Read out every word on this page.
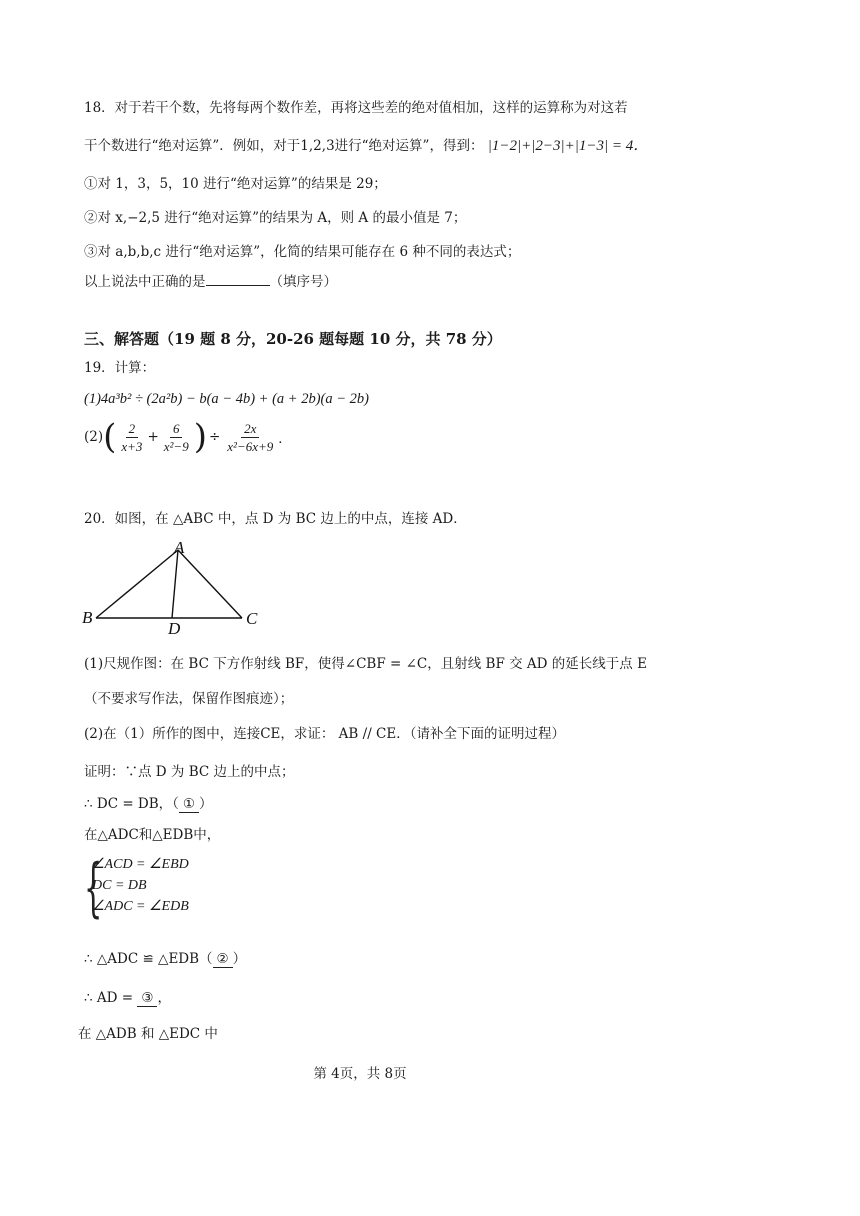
18．对于若干个数，先将每两个数作差，再将这些差的绝对值相加，这样的运算称为对这若
干个数进行“绝对运算”．例如，对于1,2,3进行“绝对运算”，得到： |1−2|+|2−3|+|1−3| = 4．
①对 1，3，5，10 进行“绝对运算”的结果是 29；
②对 x,−2,5 进行“绝对运算”的结果为 A，则 A 的最小值是 7；
③对 a,b,b,c 进行“绝对运算”，化简的结果可能存在 6 种不同的表达式；
以上说法中正确的是	（填序号）
三、解答题（19 题 8 分，20-26 题每题 10 分，共 78 分）
19．计算：
(1)4a³b² ÷ (2a²b) − b(a − 4b) + (a + 2b)(a − 2b)
(2) ( $\frac{2}{x+3} + \frac{6}{\text{x²−9}}$ ) ÷ $\frac{2x}{\text{x²−6x+9}}$ ．
20．如图，在 △ABC 中，点 D 为 BC 边上的中点，连接 AD．
A
B	C
D
(1)尺规作图：在 BC 下方作射线 BF，使得∠CBF = ∠C，且射线 BF 交 AD 的延长线于点 E
（不要求写作法，保留作图痕迹）；
(2)在（1）所作的图中，连接CE，求证： AB // CE．（请补全下面的证明过程）
证明：∵点 D 为 BC 边上的中点；
∴ DC = DB，（ ① ）
在△ADC和△EDB中，
{
∠ACD = ∠EBD
DC = DB
∠ADC = ∠EDB
∴ △ADC ≌ △EDB（ ② ）
∴ AD = ③ ，
在 △ADB 和 △EDC 中
第 4页，共 8页
